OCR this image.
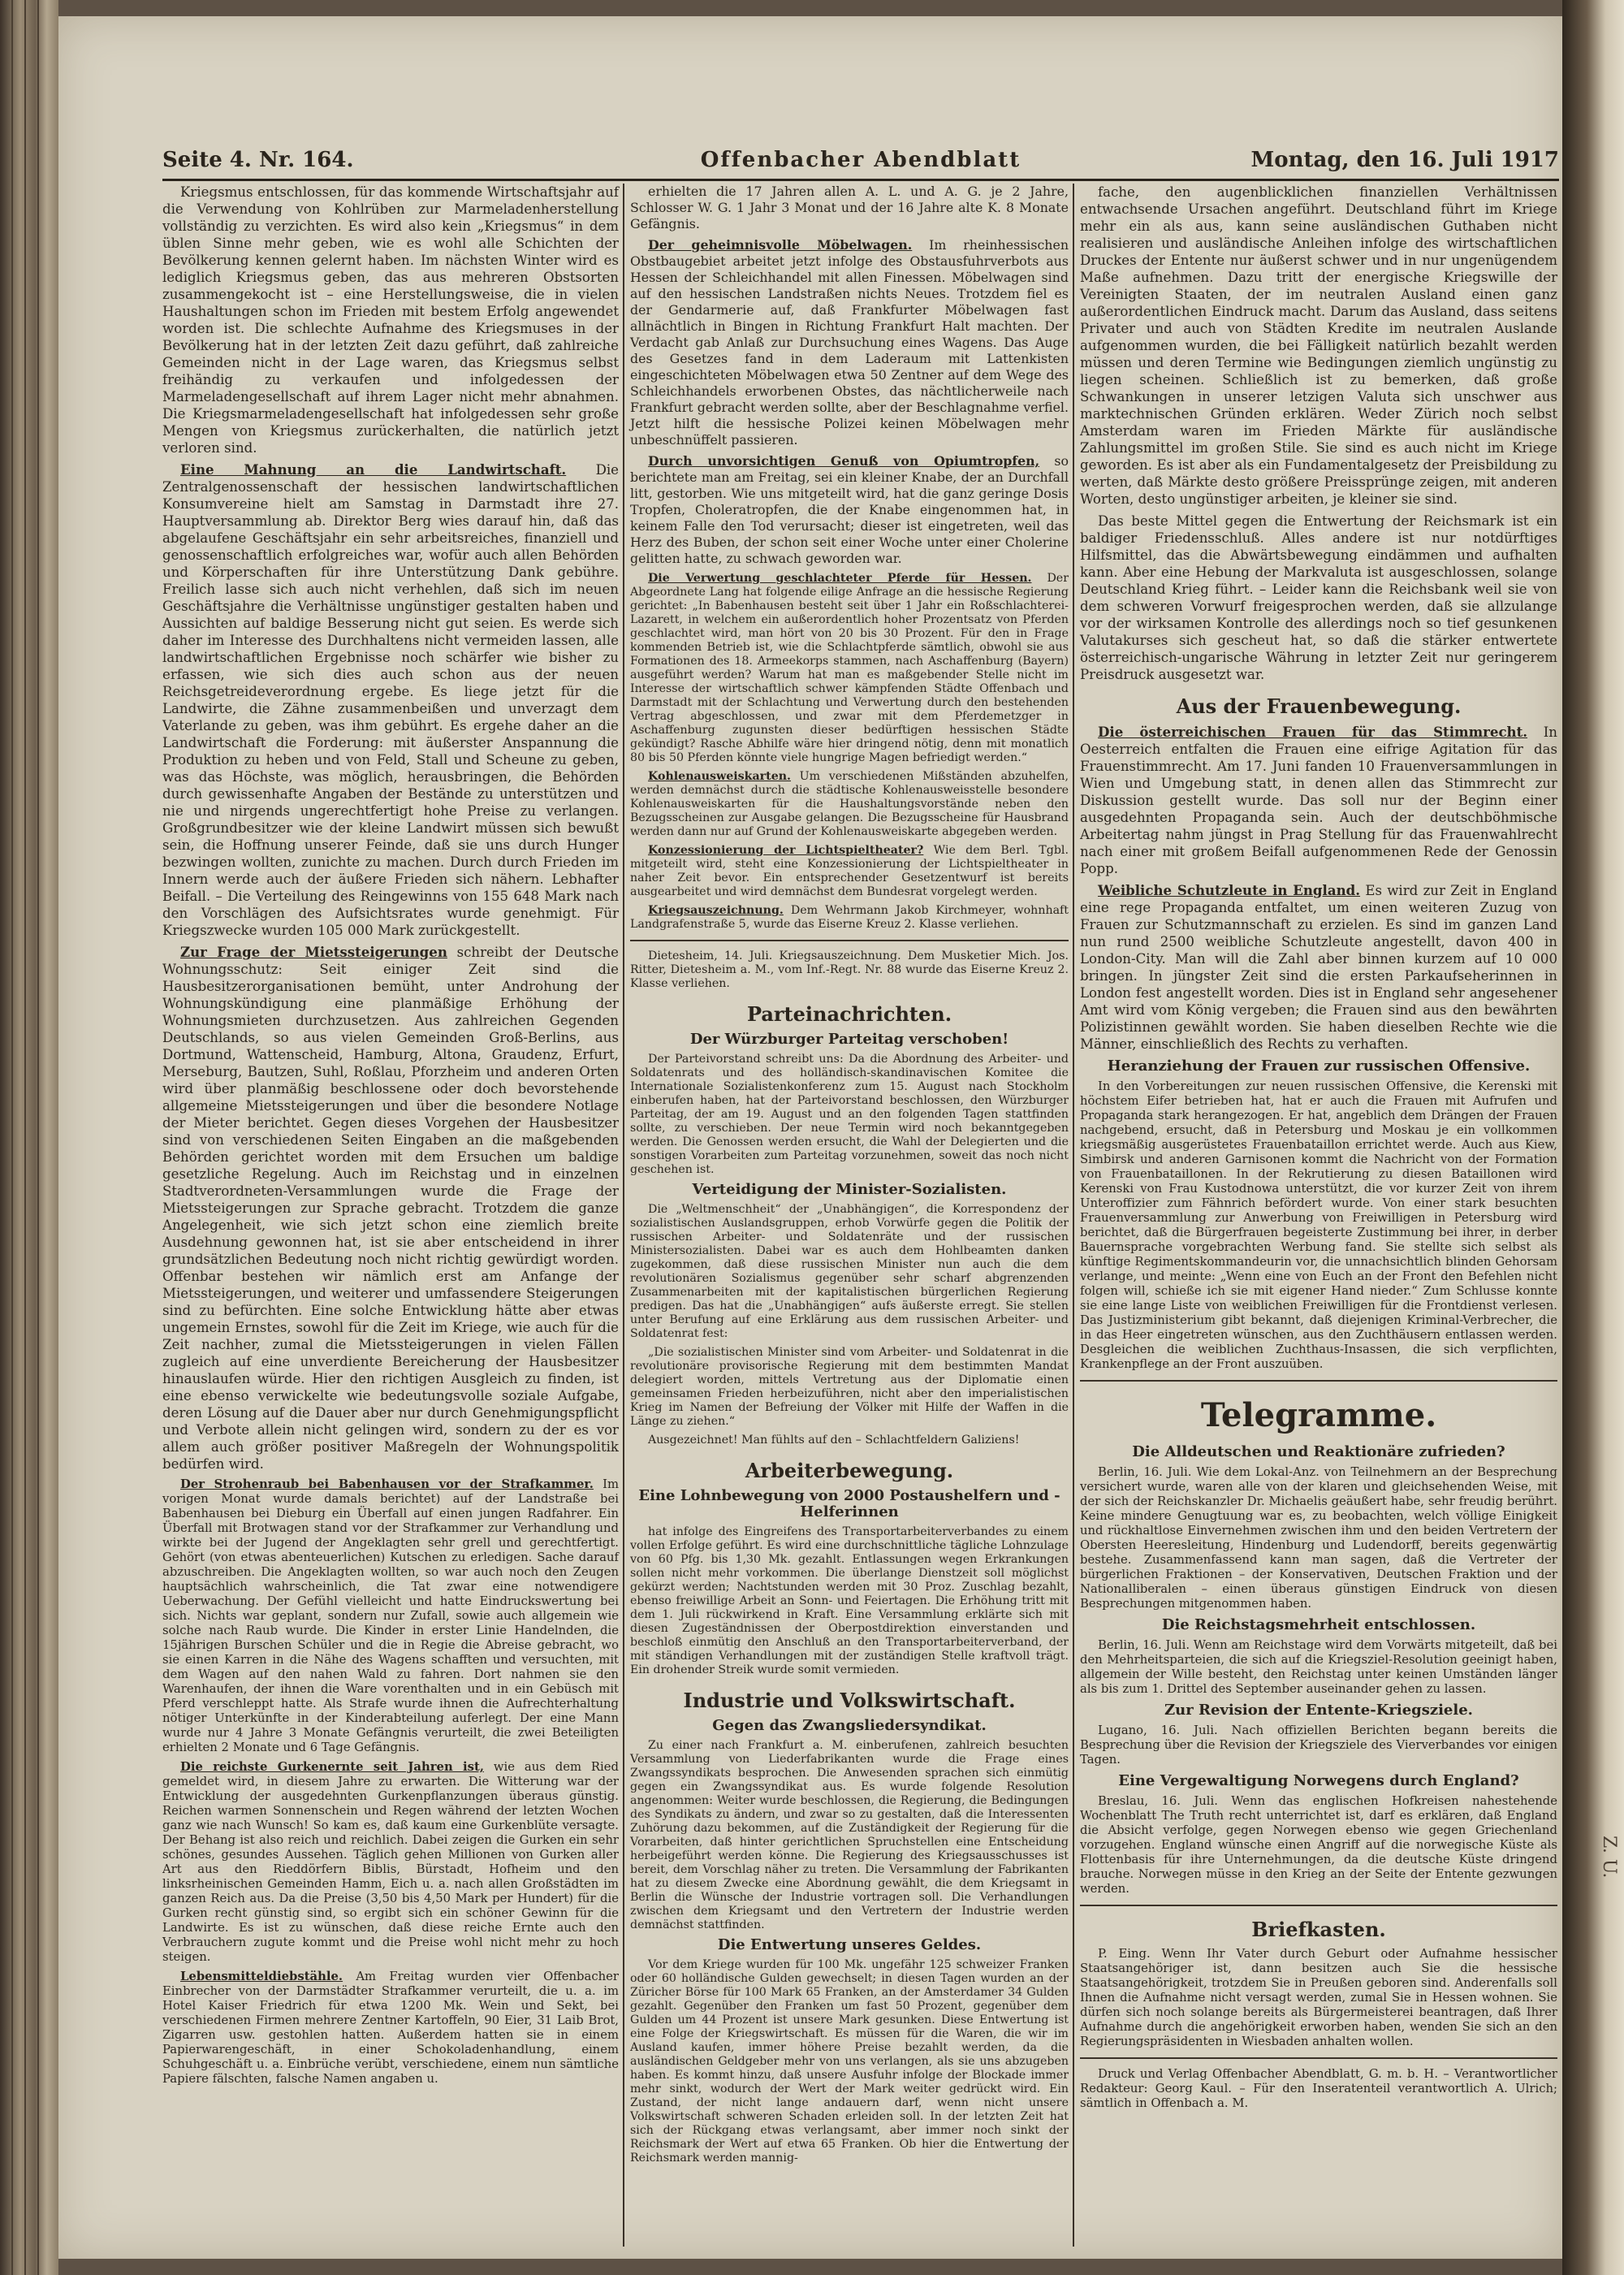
Z. U.
Seite 4. Nr. 164.	Offenbacher Abendblatt	Montag, den 16. Juli 1917

Kriegsmus entschlossen, für das kommende Wirtschaftsjahr auf die Verwendung von Kohlrüben zur Marmeladenherstellung vollständig zu verzichten. Es wird also kein „Kriegsmus“ in dem üblen Sinne mehr geben, wie es wohl alle Schichten der Bevölkerung kennen gelernt haben. Im nächsten Winter wird es lediglich Kriegsmus geben, das aus mehreren Obstsorten zusammengekocht ist – eine Herstellungsweise, die in vielen Haushaltungen schon im Frieden mit bestem Erfolg angewendet worden ist. Die schlechte Aufnahme des Kriegsmuses in der Bevölkerung hat in der letzten Zeit dazu geführt, daß zahlreiche Gemeinden nicht in der Lage waren, das Kriegsmus selbst freihändig zu verkaufen und infolgedessen der Marmeladengesellschaft auf ihrem Lager nicht mehr abnahmen. Die Kriegsmarmeladengesellschaft hat infolgedessen sehr große Mengen von Kriegsmus zurückerhalten, die natürlich jetzt verloren sind.

Eine Mahnung an die Landwirtschaft. Die Zentralgenossenschaft der hessischen landwirtschaftlichen Konsumvereine hielt am Samstag in Darmstadt ihre 27. Hauptversammlung ab. Direktor Berg wies darauf hin, daß das abgelaufene Geschäftsjahr ein sehr arbeitsreiches, finanziell und genossenschaftlich erfolgreiches war, wofür auch allen Behörden und Körperschaften für ihre Unterstützung Dank gebühre. Freilich lasse sich auch nicht verhehlen, daß sich im neuen Geschäftsjahre die Verhältnisse ungünstiger gestalten haben und Aussichten auf baldige Besserung nicht gut seien. Es werde sich daher im Interesse des Durchhaltens nicht vermeiden lassen, alle landwirtschaftlichen Ergebnisse noch schärfer wie bisher zu erfassen, wie sich dies auch schon aus der neuen Reichsgetreideverordnung ergebe. Es liege jetzt für die Landwirte, die Zähne zusammenbeißen und unverzagt dem Vaterlande zu geben, was ihm gebührt. Es ergehe daher an die Landwirtschaft die Forderung: mit äußerster Anspannung die Produktion zu heben und von Feld, Stall und Scheune zu geben, was das Höchste, was möglich, herausbringen, die Behörden durch gewissenhafte Angaben der Bestände zu unterstützen und nie und nirgends ungerechtfertigt hohe Preise zu verlangen. Großgrundbesitzer wie der kleine Landwirt müssen sich bewußt sein, die Hoffnung unserer Feinde, daß sie uns durch Hunger bezwingen wollten, zunichte zu machen. Durch durch Frieden im Innern werde auch der äußere Frieden sich nähern. Lebhafter Beifall. – Die Verteilung des Reingewinns von 155 648 Mark nach den Vorschlägen des Aufsichtsrates wurde genehmigt. Für Kriegszwecke wurden 105 000 Mark zurückgestellt.

Zur Frage der Mietssteigerungen schreibt der Deutsche Wohnungsschutz: Seit einiger Zeit sind die Hausbesitzerorganisationen bemüht, unter Androhung der Wohnungskündigung eine planmäßige Erhöhung der Wohnungsmieten durchzusetzen. Aus zahlreichen Gegenden Deutschlands, so aus vielen Gemeinden Groß-Berlins, aus Dortmund, Wattenscheid, Hamburg, Altona, Graudenz, Erfurt, Merseburg, Bautzen, Suhl, Roßlau, Pforzheim und anderen Orten wird über planmäßig beschlossene oder doch bevorstehende allgemeine Mietssteigerungen und über die besondere Notlage der Mieter berichtet. Gegen dieses Vorgehen der Hausbesitzer sind von verschiedenen Seiten Eingaben an die maßgebenden Behörden gerichtet worden mit dem Ersuchen um baldige gesetzliche Regelung. Auch im Reichstag und in einzelnen Stadtverordneten-Versammlungen wurde die Frage der Mietssteigerungen zur Sprache gebracht. Trotzdem die ganze Angelegenheit, wie sich jetzt schon eine ziemlich breite Ausdehnung gewonnen hat, ist sie aber entscheidend in ihrer grundsätzlichen Bedeutung noch nicht richtig gewürdigt worden. Offenbar bestehen wir nämlich erst am Anfange der Mietssteigerungen, und weiterer und umfassendere Steigerungen sind zu befürchten. Eine solche Entwicklung hätte aber etwas ungemein Ernstes, sowohl für die Zeit im Kriege, wie auch für die Zeit nachher, zumal die Mietssteigerungen in vielen Fällen zugleich auf eine unverdiente Bereicherung der Hausbesitzer hinauslaufen würde. Hier den richtigen Ausgleich zu finden, ist eine ebenso verwickelte wie bedeutungsvolle soziale Aufgabe, deren Lösung auf die Dauer aber nur durch Genehmigungspflicht und Verbote allein nicht gelingen wird, sondern zu der es vor allem auch größer positiver Maßregeln der Wohnungspolitik bedürfen wird.

Der Strohenraub bei Babenhausen vor der Strafkammer. Im vorigen Monat wurde damals berichtet) auf der Landstraße bei Babenhausen bei Dieburg ein Überfall auf einen jungen Radfahrer. Ein Überfall mit Brotwagen stand vor der Strafkammer zur Verhandlung und wirkte bei der Jugend der Angeklagten sehr grell und gerechtfertigt. Gehört (von etwas abenteuerlichen) Kutschen zu erledigen. Sache darauf abzuschreiben. Die Angeklagten wollten, so war auch noch den Zeugen hauptsächlich wahrscheinlich, die Tat zwar eine notwendigere Ueberwachung. Der Gefühl vielleicht und hatte Eindruckswertung bei sich. Nichts war geplant, sondern nur Zufall, sowie auch allgemein wie solche nach Raub wurde. Die Kinder in erster Linie Handelnden, die 15jährigen Burschen Schüler und die in Regie die Abreise gebracht, wo sie einen Karren in die Nähe des Wagens schafften und versuchten, mit dem Wagen auf den nahen Wald zu fahren. Dort nahmen sie den Warenhaufen, der ihnen die Ware vorenthalten und in ein Gebüsch mit Pferd verschleppt hatte. Als Strafe wurde ihnen die Aufrechterhaltung nötiger Unterkünfte in der Kinderabteilung auferlegt. Der eine Mann wurde nur 4 Jahre 3 Monate Gefängnis verurteilt, die zwei Beteiligten erhielten 2 Monate und 6 Tage Gefängnis.

Die reichste Gurkenernte seit Jahren ist, wie aus dem Ried gemeldet wird, in diesem Jahre zu erwarten. Die Witterung war der Entwicklung der ausgedehnten Gurkenpflanzungen überaus günstig. Reichen warmen Sonnenschein und Regen während der letzten Wochen ganz wie nach Wunsch! So kam es, daß kaum eine Gurkenblüte versagte. Der Behang ist also reich und reichlich. Dabei zeigen die Gurken ein sehr schönes, gesundes Aussehen. Täglich gehen Millionen von Gurken aller Art aus den Rieddörfern Biblis, Bürstadt, Hofheim und den linksrheinischen Gemeinden Hamm, Eich u. a. nach allen Großstädten im ganzen Reich aus. Da die Preise (3,50 bis 4,50 Mark per Hundert) für die Gurken recht günstig sind, so ergibt sich ein schöner Gewinn für die Landwirte. Es ist zu wünschen, daß diese reiche Ernte auch den Verbrauchern zugute kommt und die Preise wohl nicht mehr zu hoch steigen.

Lebensmitteldiebstähle. Am Freitag wurden vier Offenbacher Einbrecher von der Darmstädter Strafkammer verurteilt, die u. a. im Hotel Kaiser Friedrich für etwa 1200 Mk. Wein und Sekt, bei verschiedenen Firmen mehrere Zentner Kartoffeln, 90 Eier, 31 Laib Brot, Zigarren usw. gestohlen hatten. Außerdem hatten sie in einem Papierwarengeschäft, in einer Schokoladenhandlung, einem Schuhgeschäft u. a. Einbrüche verübt, verschiedene, einem nun sämtliche Papiere fälschten, falsche Namen angaben u.

erhielten die 17 Jahren allen A. L. und A. G. je 2 Jahre, Schlosser W. G. 1 Jahr 3 Monat und der 16 Jahre alte K. 8 Monate Gefängnis.

Der geheimnisvolle Möbelwagen. Im rheinhessischen Obstbaugebiet arbeitet jetzt infolge des Obstausfuhrverbots aus Hessen der Schleichhandel mit allen Finessen. Möbelwagen sind auf den hessischen Landstraßen nichts Neues. Trotzdem fiel es der Gendarmerie auf, daß Frankfurter Möbelwagen fast allnächtlich in Bingen in Richtung Frankfurt Halt machten. Der Verdacht gab Anlaß zur Durchsuchung eines Wagens. Das Auge des Gesetzes fand in dem Laderaum mit Lattenkisten eingeschichteten Möbelwagen etwa 50 Zentner auf dem Wege des Schleichhandels erworbenen Obstes, das nächtlicherweile nach Frankfurt gebracht werden sollte, aber der Beschlagnahme verfiel. Jetzt hilft die hessische Polizei keinen Möbelwagen mehr unbeschnüffelt passieren.

Durch unvorsichtigen Genuß von Opiumtropfen, so berichtete man am Freitag, sei ein kleiner Knabe, der an Durchfall litt, gestorben. Wie uns mitgeteilt wird, hat die ganz geringe Dosis Tropfen, Choleratropfen, die der Knabe eingenommen hat, in keinem Falle den Tod verursacht; dieser ist eingetreten, weil das Herz des Buben, der schon seit einer Woche unter einer Cholerine gelitten hatte, zu schwach geworden war.

Die Verwertung geschlachteter Pferde für Hessen. Der Abgeordnete Lang hat folgende eilige Anfrage an die hessische Regierung gerichtet: „In Babenhausen besteht seit über 1 Jahr ein Roßschlachterei-Lazarett, in welchem ein außerordentlich hoher Prozentsatz von Pferden geschlachtet wird, man hört von 20 bis 30 Prozent. Für den in Frage kommenden Betrieb ist, wie die Schlachtpferde sämtlich, obwohl sie aus Formationen des 18. Armeekorps stammen, nach Aschaffenburg (Bayern) ausgeführt werden? Warum hat man es maßgebender Stelle nicht im Interesse der wirtschaftlich schwer kämpfenden Städte Offenbach und Darmstadt mit der Schlachtung und Verwertung durch den bestehenden Vertrag abgeschlossen, und zwar mit dem Pferdemetzger in Aschaffenburg zugunsten dieser bedürftigen hessischen Städte gekündigt? Rasche Abhilfe wäre hier dringend nötig, denn mit monatlich 80 bis 50 Pferden könnte viele hungrige Magen befriedigt werden.“

Kohlenausweiskarten. Um verschiedenen Mißständen abzuhelfen, werden demnächst durch die städtische Kohlenausweisstelle besondere Kohlenausweiskarten für die Haushaltungsvorstände neben den Bezugsscheinen zur Ausgabe gelangen. Die Bezugsscheine für Hausbrand werden dann nur auf Grund der Kohlenausweiskarte abgegeben werden.

Konzessionierung der Lichtspieltheater? Wie dem Berl. Tgbl. mitgeteilt wird, steht eine Konzessionierung der Lichtspieltheater in naher Zeit bevor. Ein entsprechender Gesetzentwurf ist bereits ausgearbeitet und wird demnächst dem Bundesrat vorgelegt werden.

Kriegsauszeichnung. Dem Wehrmann Jakob Kirchmeyer, wohnhaft Landgrafenstraße 5, wurde das Eiserne Kreuz 2. Klasse verliehen.

Dietesheim, 14. Juli. Kriegsauszeichnung. Dem Musketier Mich. Jos. Ritter, Dietesheim a. M., vom Inf.-Regt. Nr. 88 wurde das Eiserne Kreuz 2. Klasse verliehen.

Parteinachrichten.
Der Würzburger Parteitag verschoben!

Der Parteivorstand schreibt uns: Da die Abordnung des Arbeiter- und Soldatenrats und des holländisch-skandinavischen Komitee die Internationale Sozialistenkonferenz zum 15. August nach Stockholm einberufen haben, hat der Parteivorstand beschlossen, den Würzburger Parteitag, der am 19. August und an den folgenden Tagen stattfinden sollte, zu verschieben. Der neue Termin wird noch bekanntgegeben werden. Die Genossen werden ersucht, die Wahl der Delegierten und die sonstigen Vorarbeiten zum Parteitag vorzunehmen, soweit das noch nicht geschehen ist.

Verteidigung der Minister-Sozialisten.

Die „Weltmenschheit“ der „Unabhängigen“, die Korrespondenz der sozialistischen Auslandsgruppen, erhob Vorwürfe gegen die Politik der russischen Arbeiter- und Soldatenräte und der russischen Ministersozialisten. Dabei war es auch dem Hohlbeamten danken zugekommen, daß diese russischen Minister nun auch die dem revolutionären Sozialismus gegenüber sehr scharf abgrenzenden Zusammenarbeiten mit der kapitalistischen bürgerlichen Regierung predigen. Das hat die „Unabhängigen“ aufs äußerste erregt. Sie stellen unter Berufung auf eine Erklärung aus dem russischen Arbeiter- und Soldatenrat fest:

„Die sozialistischen Minister sind vom Arbeiter- und Soldatenrat in die revolutionäre provisorische Regierung mit dem bestimmten Mandat delegiert worden, mittels Vertretung aus der Diplomatie einen gemeinsamen Frieden herbeizuführen, nicht aber den imperialistischen Krieg im Namen der Befreiung der Völker mit Hilfe der Waffen in die Länge zu ziehen.“

Ausgezeichnet! Man fühlts auf den – Schlachtfeldern Galiziens!

Arbeiterbewegung.
Eine Lohnbewegung von 2000 Postaushelfern und -Helferinnen

hat infolge des Eingreifens des Transportarbeiterverbandes zu einem vollen Erfolge geführt. Es wird eine durchschnittliche tägliche Lohnzulage von 60 Pfg. bis 1,30 Mk. gezahlt. Entlassungen wegen Erkrankungen sollen nicht mehr vorkommen. Die überlange Dienstzeit soll möglichst gekürzt werden; Nachtstunden werden mit 30 Proz. Zuschlag bezahlt, ebenso freiwillige Arbeit an Sonn- und Feiertagen. Die Erhöhung tritt mit dem 1. Juli rückwirkend in Kraft. Eine Versammlung erklärte sich mit diesen Zugeständnissen der Oberpostdirektion einverstanden und beschloß einmütig den Anschluß an den Transportarbeiterverband, der mit ständigen Verhandlungen mit der zuständigen Stelle kraftvoll trägt. Ein drohender Streik wurde somit vermieden.

Industrie und Volkswirtschaft.
Gegen das Zwangsliedersyndikat.

Zu einer nach Frankfurt a. M. einberufenen, zahlreich besuchten Versammlung von Liederfabrikanten wurde die Frage eines Zwangssyndikats besprochen. Die Anwesenden sprachen sich einmütig gegen ein Zwangssyndikat aus. Es wurde folgende Resolution angenommen: Weiter wurde beschlossen, die Regierung, die Bedingungen des Syndikats zu ändern, und zwar so zu gestalten, daß die Interessenten Zuhörung dazu bekommen, auf die Zuständigkeit der Regierung für die Vorarbeiten, daß hinter gerichtlichen Spruchstellen eine Entscheidung herbeigeführt werden könne. Die Regierung des Kriegsausschusses ist bereit, dem Vorschlag näher zu treten. Die Versammlung der Fabrikanten hat zu diesem Zwecke eine Abordnung gewählt, die dem Kriegsamt in Berlin die Wünsche der Industrie vortragen soll. Die Verhandlungen zwischen dem Kriegsamt und den Vertretern der Industrie werden demnächst stattfinden.

Die Entwertung unseres Geldes.

Vor dem Kriege wurden für 100 Mk. ungefähr 125 schweizer Franken oder 60 holländische Gulden gewechselt; in diesen Tagen wurden an der Züricher Börse für 100 Mark 65 Franken, an der Amsterdamer 34 Gulden gezahlt. Gegenüber den Franken um fast 50 Prozent, gegenüber dem Gulden um 44 Prozent ist unsere Mark gesunken. Diese Entwertung ist eine Folge der Kriegswirtschaft. Es müssen für die Waren, die wir im Ausland kaufen, immer höhere Preise bezahlt werden, da die ausländischen Geldgeber mehr von uns verlangen, als sie uns abzugeben haben. Es kommt hinzu, daß unsere Ausfuhr infolge der Blockade immer mehr sinkt, wodurch der Wert der Mark weiter gedrückt wird. Ein Zustand, der nicht lange andauern darf, wenn nicht unsere Volkswirtschaft schweren Schaden erleiden soll. In der letzten Zeit hat sich der Rückgang etwas verlangsamt, aber immer noch sinkt der Reichsmark der Wert auf etwa 65 Franken. Ob hier die Entwertung der Reichsmark werden mannig-

fache, den augenblicklichen finanziellen Verhältnissen entwachsende Ursachen angeführt. Deutschland führt im Kriege mehr ein als aus, kann seine ausländischen Guthaben nicht realisieren und ausländische Anleihen infolge des wirtschaftlichen Druckes der Entente nur äußerst schwer und in nur ungenügendem Maße aufnehmen. Dazu tritt der energische Kriegswille der Vereinigten Staaten, der im neutralen Ausland einen ganz außerordentlichen Eindruck macht. Darum das Ausland, dass seitens Privater und auch von Städten Kredite im neutralen Auslande aufgenommen wurden, die bei Fälligkeit natürlich bezahlt werden müssen und deren Termine wie Bedingungen ziemlich ungünstig zu liegen scheinen. Schließlich ist zu bemerken, daß große Schwankungen in unserer letzigen Valuta sich unschwer aus marktechnischen Gründen erklären. Weder Zürich noch selbst Amsterdam waren im Frieden Märkte für ausländische Zahlungsmittel im großen Stile. Sie sind es auch nicht im Kriege geworden. Es ist aber als ein Fundamentalgesetz der Preisbildung zu werten, daß Märkte desto größere Preissprünge zeigen, mit anderen Worten, desto ungünstiger arbeiten, je kleiner sie sind.

Das beste Mittel gegen die Entwertung der Reichsmark ist ein baldiger Friedensschluß. Alles andere ist nur notdürftiges Hilfsmittel, das die Abwärtsbewegung eindämmen und aufhalten kann. Aber eine Hebung der Markvaluta ist ausgeschlossen, solange Deutschland Krieg führt. – Leider kann die Reichsbank weil sie von dem schweren Vorwurf freigesprochen werden, daß sie allzulange vor der wirksamen Kontrolle des allerdings noch so tief gesunkenen Valutakurses sich gescheut hat, so daß die stärker entwertete österreichisch-ungarische Währung in letzter Zeit nur geringerem Preisdruck ausgesetzt war.

Aus der Frauenbewegung.

Die österreichischen Frauen für das Stimmrecht. In Oesterreich entfalten die Frauen eine eifrige Agitation für das Frauenstimmrecht. Am 17. Juni fanden 10 Frauenversammlungen in Wien und Umgebung statt, in denen allen das Stimmrecht zur Diskussion gestellt wurde. Das soll nur der Beginn einer ausgedehnten Propaganda sein. Auch der deutschböhmische Arbeitertag nahm jüngst in Prag Stellung für das Frauenwahlrecht nach einer mit großem Beifall aufgenommenen Rede der Genossin Popp.

Weibliche Schutzleute in England. Es wird zur Zeit in England eine rege Propaganda entfaltet, um einen weiteren Zuzug von Frauen zur Schutzmannschaft zu erzielen. Es sind im ganzen Land nun rund 2500 weibliche Schutzleute angestellt, davon 400 in London-City. Man will die Zahl aber binnen kurzem auf 10 000 bringen. In jüngster Zeit sind die ersten Parkaufseherinnen in London fest angestellt worden. Dies ist in England sehr angesehener Amt wird vom König vergeben; die Frauen sind aus den bewährten Polizistinnen gewählt worden. Sie haben dieselben Rechte wie die Männer, einschließlich des Rechts zu verhaften.

Heranziehung der Frauen zur russischen Offensive.

In den Vorbereitungen zur neuen russischen Offensive, die Kerenski mit höchstem Eifer betrieben hat, hat er auch die Frauen mit Aufrufen und Propaganda stark herangezogen. Er hat, angeblich dem Drängen der Frauen nachgebend, ersucht, daß in Petersburg und Moskau je ein vollkommen kriegsmäßig ausgerüstetes Frauenbataillon errichtet werde. Auch aus Kiew, Simbirsk und anderen Garnisonen kommt die Nachricht von der Formation von Frauenbataillonen. In der Rekrutierung zu diesen Bataillonen wird Kerenski von Frau Kustodnowa unterstützt, die vor kurzer Zeit von ihrem Unteroffizier zum Fähnrich befördert wurde. Von einer stark besuchten Frauenversammlung zur Anwerbung von Freiwilligen in Petersburg wird berichtet, daß die Bürgerfrauen begeisterte Zustimmung bei ihrer, in derber Bauernsprache vorgebrachten Werbung fand. Sie stellte sich selbst als künftige Regimentskommandeurin vor, die unnachsichtlich blinden Gehorsam verlange, und meinte: „Wenn eine von Euch an der Front den Befehlen nicht folgen will, schieße ich sie mit eigener Hand nieder.“ Zum Schlusse konnte sie eine lange Liste von weiblichen Freiwilligen für die Frontdienst verlesen. Das Justizministerium gibt bekannt, daß diejenigen Kriminal-Verbrecher, die in das Heer eingetreten wünschen, aus den Zuchthäusern entlassen werden. Desgleichen die weiblichen Zuchthaus-Insassen, die sich verpflichten, Krankenpflege an der Front auszuüben.

Telegramme.
Die Alldeutschen und Reaktionäre zufrieden?

Berlin, 16. Juli. Wie dem Lokal-Anz. von Teilnehmern an der Besprechung versichert wurde, waren alle von der klaren und gleichsehenden Weise, mit der sich der Reichskanzler Dr. Michaelis geäußert habe, sehr freudig berührt. Keine mindere Genugtuung war es, zu beobachten, welch völlige Einigkeit und rückhaltlose Einvernehmen zwischen ihm und den beiden Vertretern der Obersten Heeresleitung, Hindenburg und Ludendorff, bereits gegenwärtig bestehe. Zusammenfassend kann man sagen, daß die Vertreter der bürgerlichen Fraktionen – der Konservativen, Deutschen Fraktion und der Nationalliberalen – einen überaus günstigen Eindruck von diesen Besprechungen mitgenommen haben.

Die Reichstagsmehrheit entschlossen.

Berlin, 16. Juli. Wenn am Reichstage wird dem Vorwärts mitgeteilt, daß bei den Mehrheitsparteien, die sich auf die Kriegsziel-Resolution geeinigt haben, allgemein der Wille besteht, den Reichstag unter keinen Umständen länger als bis zum 1. Drittel des September auseinander gehen zu lassen.

Zur Revision der Entente-Kriegsziele.

Lugano, 16. Juli. Nach offiziellen Berichten begann bereits die Besprechung über die Revision der Kriegsziele des Vierverbandes vor einigen Tagen.

Eine Vergewaltigung Norwegens durch England?

Breslau, 16. Juli. Wenn das englischen Hofkreisen nahestehende Wochenblatt The Truth recht unterrichtet ist, darf es erklären, daß England die Absicht verfolge, gegen Norwegen ebenso wie gegen Griechenland vorzugehen. England wünsche einen Angriff auf die norwegische Küste als Flottenbasis für ihre Unternehmungen, da die deutsche Küste dringend brauche. Norwegen müsse in den Krieg an der Seite der Entente gezwungen werden.

Briefkasten.

P. Eing. Wenn Ihr Vater durch Geburt oder Aufnahme hessischer Staatsangehöriger ist, dann besitzen auch Sie die hessische Staatsangehörigkeit, trotzdem Sie in Preußen geboren sind. Anderenfalls soll Ihnen die Aufnahme nicht versagt werden, zumal Sie in Hessen wohnen. Sie dürfen sich noch solange bereits als Bürgermeisterei beantragen, daß Ihrer Aufnahme durch die angehörigkeit erworben haben, wenden Sie sich an den Regierungspräsidenten in Wiesbaden anhalten wollen.

Druck und Verlag Offenbacher Abendblatt, G. m. b. H. – Verantwortlicher Redakteur: Georg Kaul. – Für den Inseratenteil verantwortlich A. Ulrich; sämtlich in Offenbach a. M.
